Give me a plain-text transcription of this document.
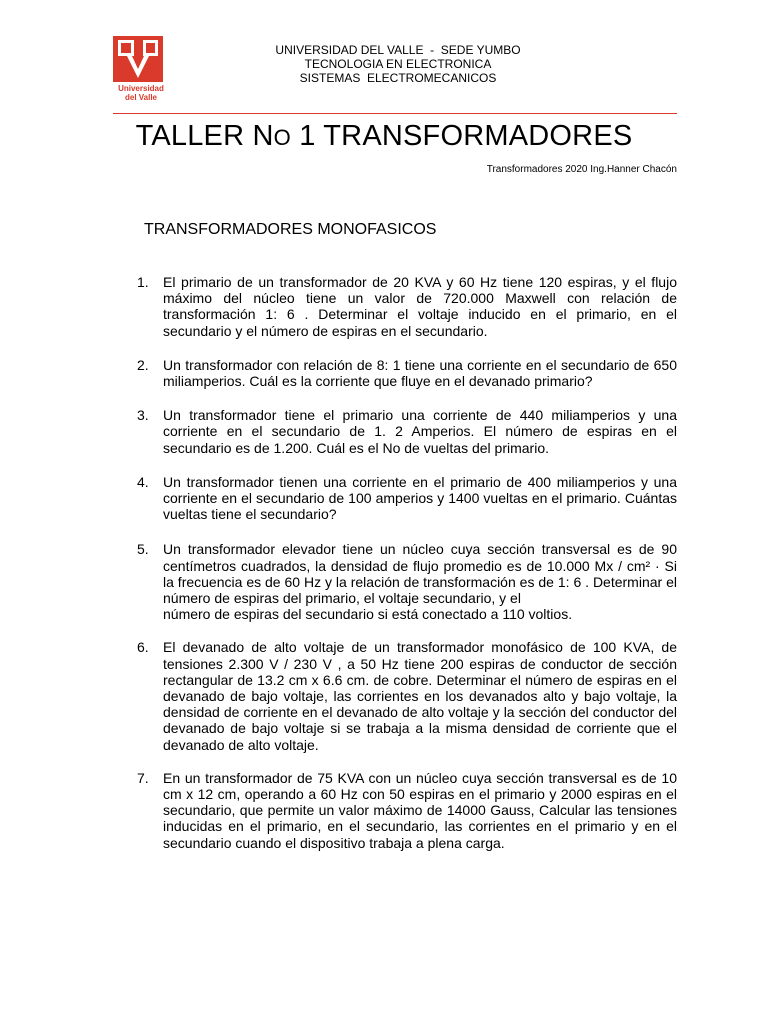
Universidad del Valle
UNIVERSIDAD DEL VALLE  -  SEDE YUMBO
TECNOLOGIA EN ELECTRONICA
SISTEMAS  ELECTROMECANICOS
TALLER NO 1 TRANSFORMADORES
Transformadores 2020 Ing.Hanner Chacón
TRANSFORMADORES MONOFASICOS
1. El primario de un transformador de 20 KVA y 60 Hz tiene 120 espiras, y el flujo máximo del núcleo tiene un valor de 720.000 Maxwell con relación de transformación 1: 6 . Determinar el voltaje inducido en el primario, en el secundario y el número de espiras en el secundario.
2. Un transformador con relación de 8: 1 tiene una corriente en el secundario de 650 miliamperios. Cuál es la corriente que fluye en el devanado primario?
3. Un transformador tiene el primario una corriente de 440 miliamperios y una corriente en el secundario de 1. 2 Amperios. El número de espiras en el secundario es de 1.200. Cuál es el No de vueltas del primario.
4. Un transformador tienen una corriente en el primario de 400 miliamperios y una corriente en el secundario de 100 amperios y 1400 vueltas en el primario. Cuántas vueltas tiene el secundario?
5. Un transformador elevador tiene un núcleo cuya sección transversal es de 90 centímetros cuadrados, la densidad de flujo promedio es de 10.000 Mx / cm² · Si la frecuencia es de 60 Hz y la relación de transformación es de 1: 6 . Determinar el número de espiras del primario, el voltaje secundario, y el
número de espiras del secundario si está conectado a 110 voltios.
6. El devanado de alto voltaje de un transformador monofásico de 100 KVA, de tensiones 2.300 V / 230 V , a 50 Hz tiene 200 espiras de conductor de sección rectangular de 13.2 cm x 6.6 cm. de cobre. Determinar el número de espiras en el devanado de bajo voltaje, las corrientes en los devanados alto y bajo voltaje, la densidad de corriente en el devanado de alto voltaje y la sección del conductor del devanado de bajo voltaje si se trabaja a la misma densidad de corriente que el devanado de alto voltaje.
7. En un transformador de 75 KVA con un núcleo cuya sección transversal es de 10 cm x 12 cm, operando a 60 Hz con 50 espiras en el primario y 2000 espiras en el secundario, que permite un valor máximo de 14000 Gauss, Calcular las tensiones inducidas en el primario, en el secundario, las corrientes en el primario y en el secundario cuando el dispositivo trabaja a plena carga.
